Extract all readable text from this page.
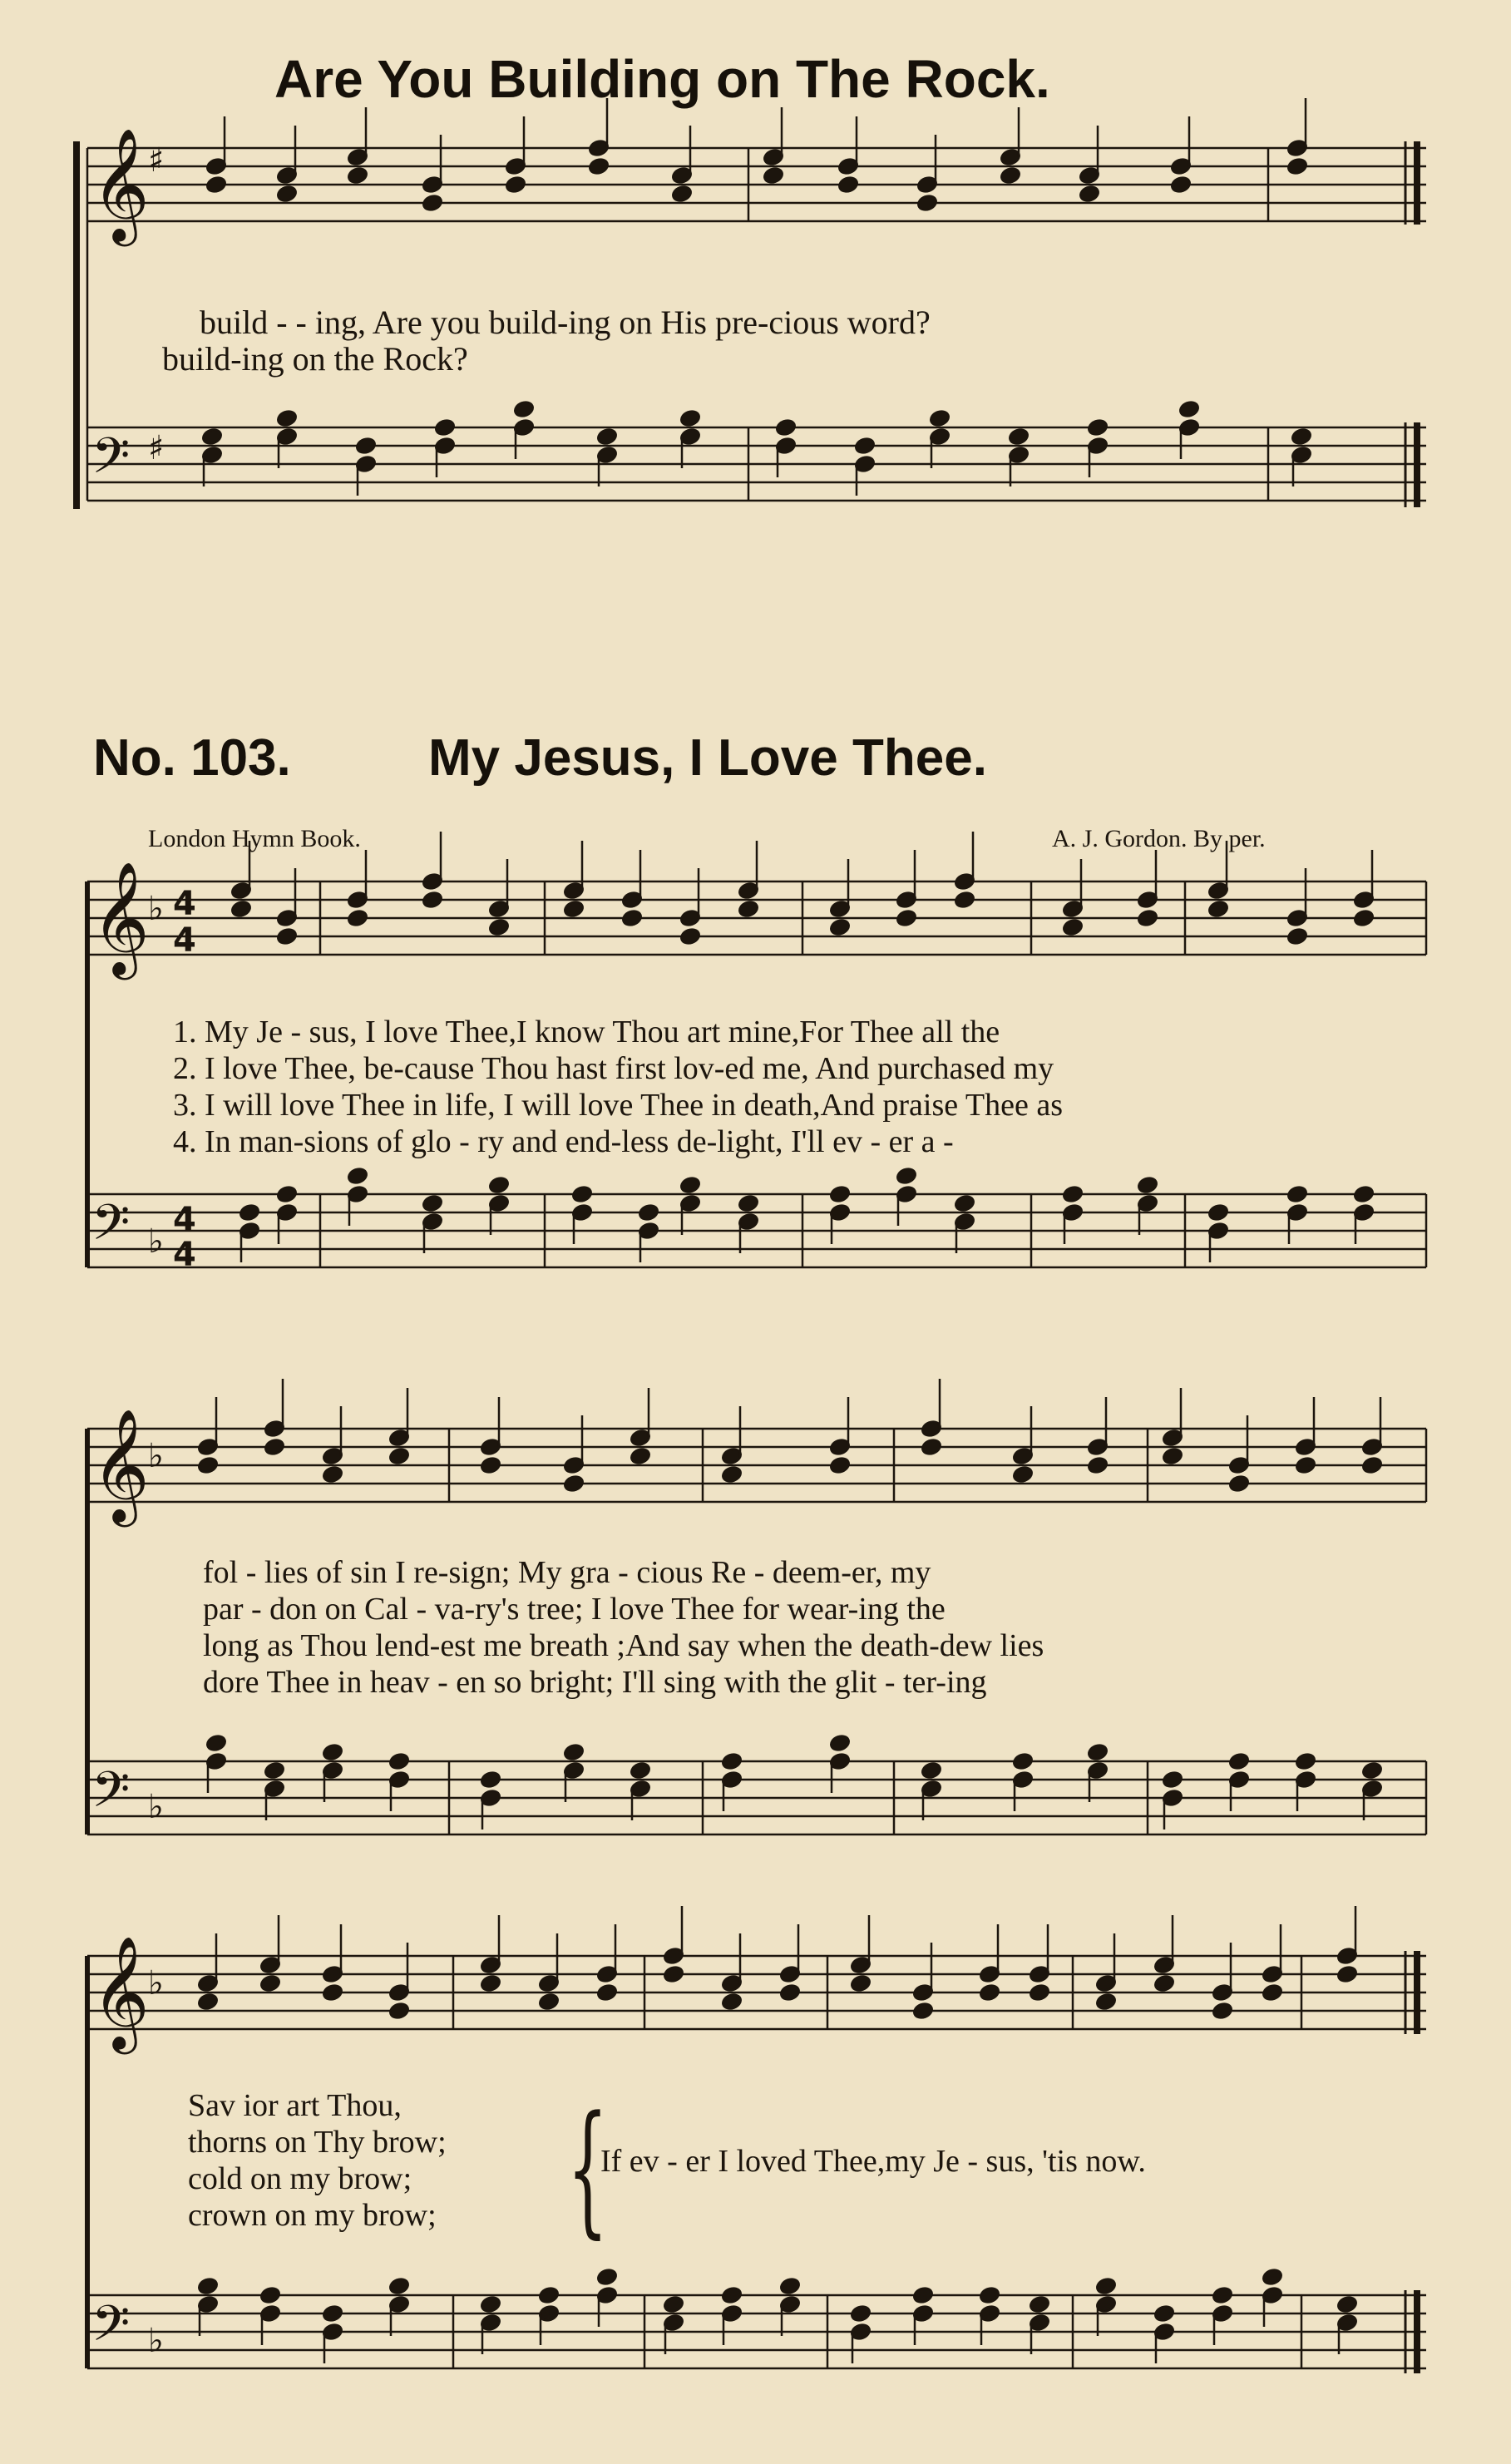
𝄞
𝄢
𝄞
𝄢
𝄞
𝄢
𝄞
𝄢
♯
♯
♭
♭
♭
♭
♭
♭
4
4
4
4
Are You Building on The Rock.
build - - ing, Are you build-ing on His pre-cious word?
build-ing on the Rock?
No. 103.	My Jesus, I Love Thee.
London Hymn Book.	A. J. Gordon. By per.
1. My Je - sus, I love Thee,I know Thou art mine,For Thee all the
2. I love Thee, be-cause Thou hast first lov-ed me, And purchased my
3. I will love Thee in life, I will love Thee in death,And praise Thee as
4. In man-sions of glo - ry and end-less de-light, I'll ev - er a -
fol - lies of sin I re-sign; My gra - cious Re - deem-er, my
par - don on Cal - va-ry's tree; I love Thee for wear-ing the
long as Thou lend-est me breath ;And say when the death-dew lies
dore Thee in heav - en so bright; I'll sing with the glit - ter-ing
Sav ior art Thou,
thorns on Thy brow;
cold on my brow;
crown on my brow; {
If ev - er I loved Thee,my Je - sus, 'tis now.
